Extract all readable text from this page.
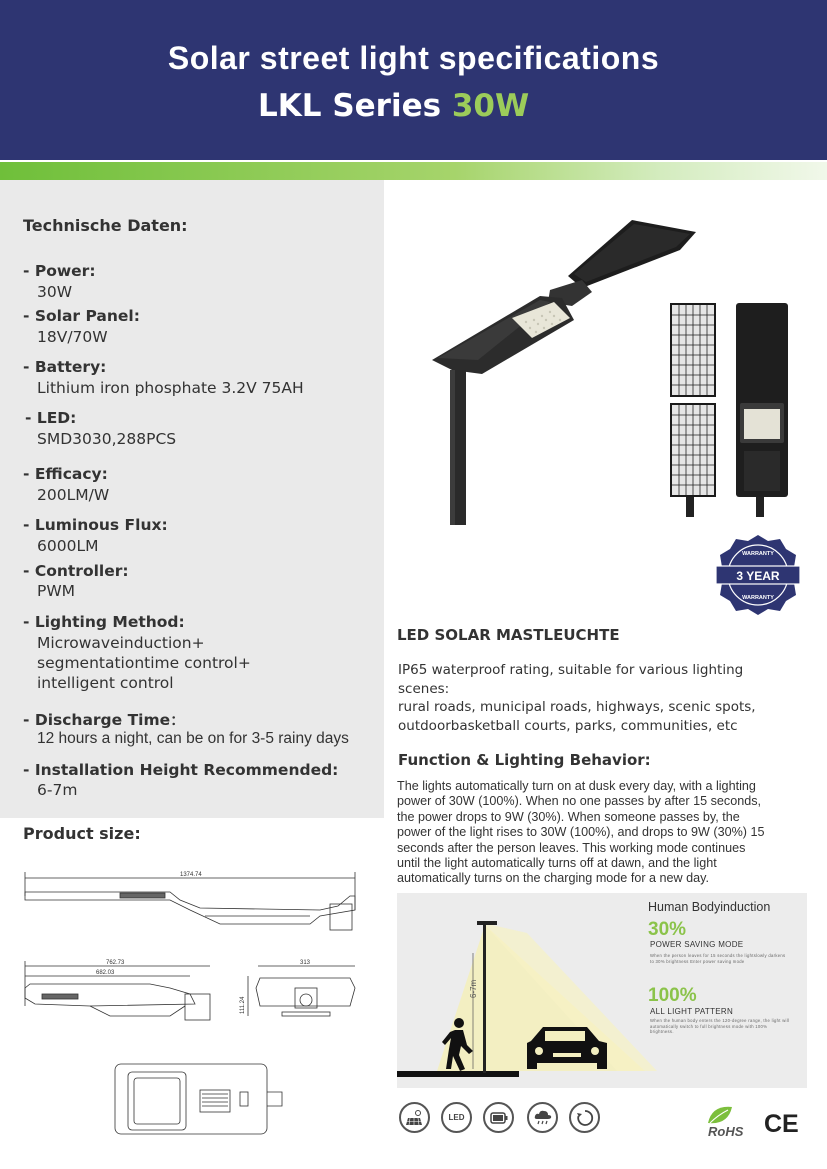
Solar street light specifications
LKL Series 30W
Technische Daten:
- Power:
30W
- Solar Panel:
18V/70W
- Battery:
Lithium iron phosphate 3.2V 75AH
- LED:
SMD3030,288PCS
- Efficacy:
200LM/W
- Luminous Flux:
6000LM
- Controller:
PWM
- Lighting Method:
Microwaveinduction+
segmentationtime control+
intelligent control
- Discharge Time：
12 hours a night, can be on for 3-5 rainy days
- Installation Height Recommended:
6-7m
Product size:
1374.74
762.73
682.03
313
111.24
WARRANTY
3 YEAR
WARRANTY
LED SOLAR MASTLEUCHTE
IP65 waterproof rating, suitable for various lighting scenes:
rural roads, municipal roads, highways, scenic spots,
outdoorbasketball courts, parks, communities, etc
Function & Lighting Behavior:
The lights automatically turn on at dusk every day, with a lighting
power of 30W (100%). When no one passes by after 15 seconds,
the power drops to 9W (30%). When someone passes by, the
power of the light rises to 30W (100%), and drops to 9W (30%) 15
seconds after the person leaves. This working mode continues
until the light automatically turns off at dawn, and the light
automatically turns on the charging mode for a new day.
6-7m
Human Bodyinduction
30%
POWER SAVING MODE
When the person leaves for 15 seconds the lightslowly darkens to 30% brightness Enter power saving mode
100%
ALL LIGHT PATTERN
When the human body enters the 120-degree range, the light will automatically switch to full brightness mode with 100% brightness.
LED
RoHS CE
